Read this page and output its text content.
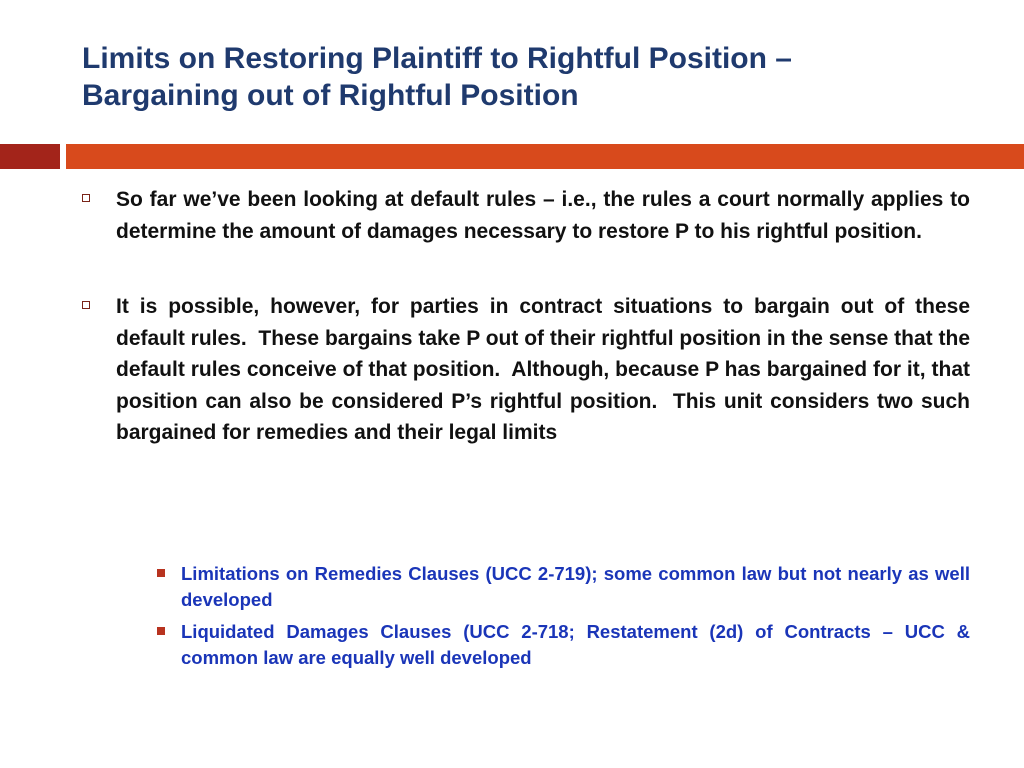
Limits on Restoring Plaintiff to Rightful Position –
Bargaining out of Rightful Position

So far we’ve been looking at default rules – i.e., the rules a court normally applies to determine the amount of damages necessary to restore P to his rightful position.

It is possible, however, for parties in contract situations to bargain out of these default rules.  These bargains take P out of their rightful position in the sense that the default rules conceive of that position.  Although, because P has bargained for it, that position can also be considered P’s rightful position.  This unit considers two such bargained for remedies and their legal limits

Limitations on Remedies Clauses (UCC 2-719); some common law but not nearly as well developed

Liquidated Damages Clauses (UCC 2-718; Restatement (2d) of Contracts – UCC & common law are equally well developed
